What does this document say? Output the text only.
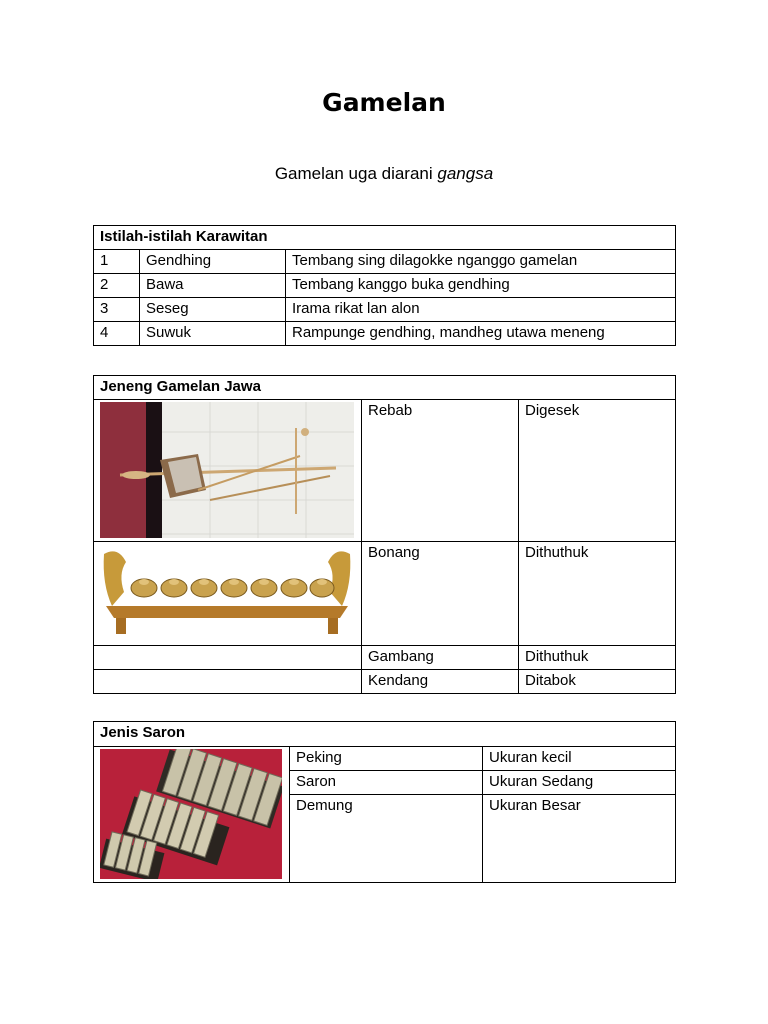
Gamelan
Gamelan uga diarani gangsa
Istilah-istilah Karawitan		
1	Gendhing	Tembang sing dilagokke nganggo gamelan
2	Bawa	Tembang kanggo buka gendhing
3	Seseg	Irama rikat lan alon
4	Suwuk	Rampunge gendhing, mandheg utawa meneng
Jeneng Gamelan Jawa		

	Rebab	Digesek

	Bonang	Dithuthuk
	Gambang	Dithuthuk
	Kendang	Ditabok
Jenis Saron		

	Peking	Ukuran kecil
	Saron	Ukuran Sedang
	Demung	Ukuran Besar
